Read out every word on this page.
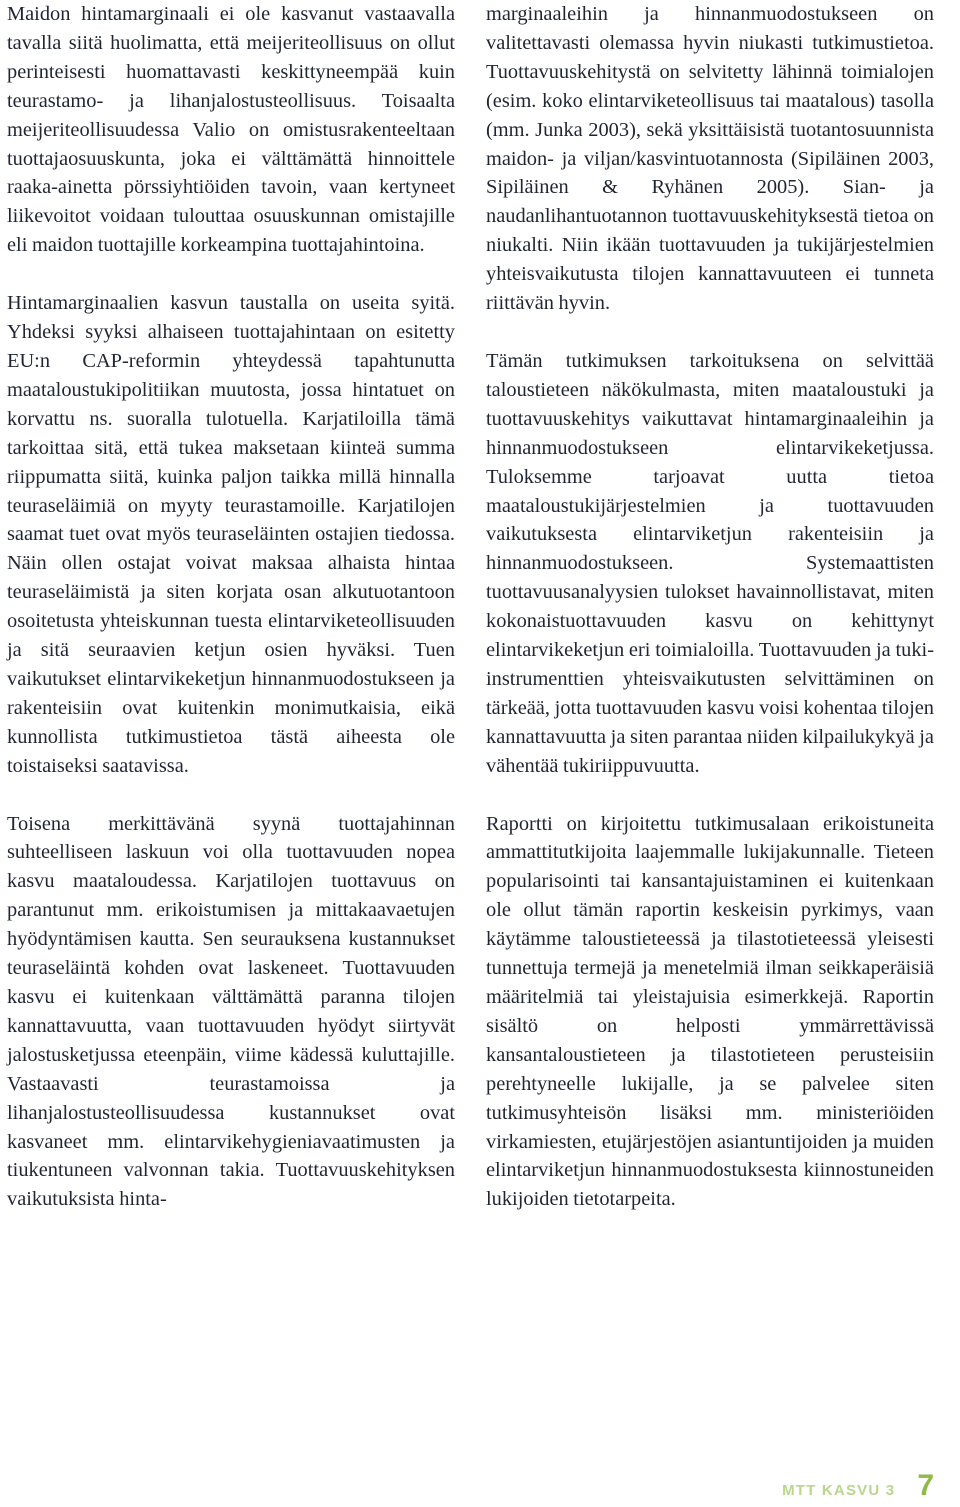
Maidon hintamarginaali ei ole kasvanut vastaavalla tavalla siitä huolimatta, että meijeriteollisuus on ollut perinteisesti huomattavasti keskittyneempää kuin teurastamo- ja lihanjalostusteollisuus. Toisaalta meijeriteollisuudessa Valio on omistusrakenteeltaan tuottajaosuuskunta, joka ei välttämättä hinnoittele raaka-ainetta pörssiyhtiöiden tavoin, vaan kertyneet liikevoitot voidaan tulouttaa osuuskunnan omistajille eli maidon tuottajille korkeampina tuottajahintoina.

Hintamarginaalien kasvun taustalla on useita syitä. Yhdeksi syyksi alhaiseen tuottajahintaan on esitetty EU:n CAP-reformin yhteydessä tapahtunutta maataloustukipolitiikan muutosta, jossa hintatuet on korvattu ns. suoralla tulotuella. Karjatiloilla tämä tarkoittaa sitä, että tukea maksetaan kiinteä summa riippumatta siitä, kuinka paljon taikka millä hinnalla teuraseläimiä on myyty teurastamoille. Karjatilojen saamat tuet ovat myös teuraseläinten ostajien tiedossa. Näin ollen ostajat voivat maksaa alhaista hintaa teuraseläimistä ja siten korjata osan alkutuotantoon osoitetusta yhteiskunnan tuesta elintarviketeollisuuden ja sitä seuraavien ketjun osien hyväksi. Tuen vaikutukset elintarvikeketjun hinnanmuodostukseen ja rakenteisiin ovat kuitenkin monimutkaisia, eikä kunnollista tutkimustietoa tästä aiheesta ole toistaiseksi saatavissa.

Toisena merkittävänä syynä tuottajahinnan suhteelliseen laskuun voi olla tuottavuuden nopea kasvu maataloudessa. Karjatilojen tuottavuus on parantunut mm. erikoistumisen ja mittakaavaetujen hyödyntämisen kautta. Sen seurauksena kustannukset teuraseläintä kohden ovat laskeneet. Tuottavuuden kasvu ei kuitenkaan välttämättä paranna tilojen kannattavuutta, vaan tuottavuuden hyödyt siirtyvät jalostusketjussa eteenpäin, viime kädessä kuluttajille. Vastaavasti teurastamoissa ja lihanjalostusteollisuudessa kustannukset ovat kasvaneet mm. elintarvikehygieniavaatimusten ja tiukentuneen valvonnan takia. Tuottavuuskehityksen vaikutuksista hinta-

marginaaleihin ja hinnanmuodostukseen on valitettavasti olemassa hyvin niukasti tutkimustietoa. Tuottavuuskehitystä on selvitetty lähinnä toimialojen (esim. koko elintarviketeollisuus tai maatalous) tasolla (mm. Junka 2003), sekä yksittäisistä tuotantosuunnista maidon- ja viljan/kasvintuotannosta (Sipiläinen 2003, Sipiläinen & Ryhänen 2005). Sian- ja naudanlihantuotannon tuottavuuskehityksestä tietoa on niukalti. Niin ikään tuottavuuden ja tukijärjestelmien yhteisvaikutusta tilojen kannattavuuteen ei tunneta riittävän hyvin.

Tämän tutkimuksen tarkoituksena on selvittää taloustieteen näkökulmasta, miten maataloustuki ja tuottavuuskehitys vaikuttavat hintamarginaaleihin ja hinnanmuodostukseen elintarvikeketjussa. Tuloksemme tarjoavat uutta tietoa maataloustukijärjestelmien ja tuottavuuden vaikutuksesta elintarviketjun rakenteisiin ja hinnanmuodostukseen. Systemaattisten tuottavuusanalyysien tulokset havainnollistavat, miten kokonaistuottavuuden kasvu on kehittynyt elintarvikeketjun eri toimialoilla. Tuottavuuden ja tuki-instrumenttien yhteisvaikutusten selvittäminen on tärkeää, jotta tuottavuuden kasvu voisi kohentaa tilojen kannattavuutta ja siten parantaa niiden kilpailukykyä ja vähentää tukiriippuvuutta.

Raportti on kirjoitettu tutkimusalaan erikoistuneita ammattitutkijoita laajemmalle lukijakunnalle. Tieteen popularisointi tai kansantajuistaminen ei kuitenkaan ole ollut tämän raportin keskeisin pyrkimys, vaan käytämme taloustieteessä ja tilastotieteessä yleisesti tunnettuja termejä ja menetelmiä ilman seikkaperäisiä määritelmiä tai yleistajuisia esimerkkejä. Raportin sisältö on helposti ymmärrettävissä kansantaloustieteen ja tilastotieteen perusteisiin perehtyneelle lukijalle, ja se palvelee siten tutkimusyhteisön lisäksi mm. ministeriöiden virkamiesten, etujärjestöjen asiantuntijoiden ja muiden elintarviketjun hinnanmuodostuksesta kiinnostuneiden lukijoiden tietotarpeita.

MTT KASVU 3 7
